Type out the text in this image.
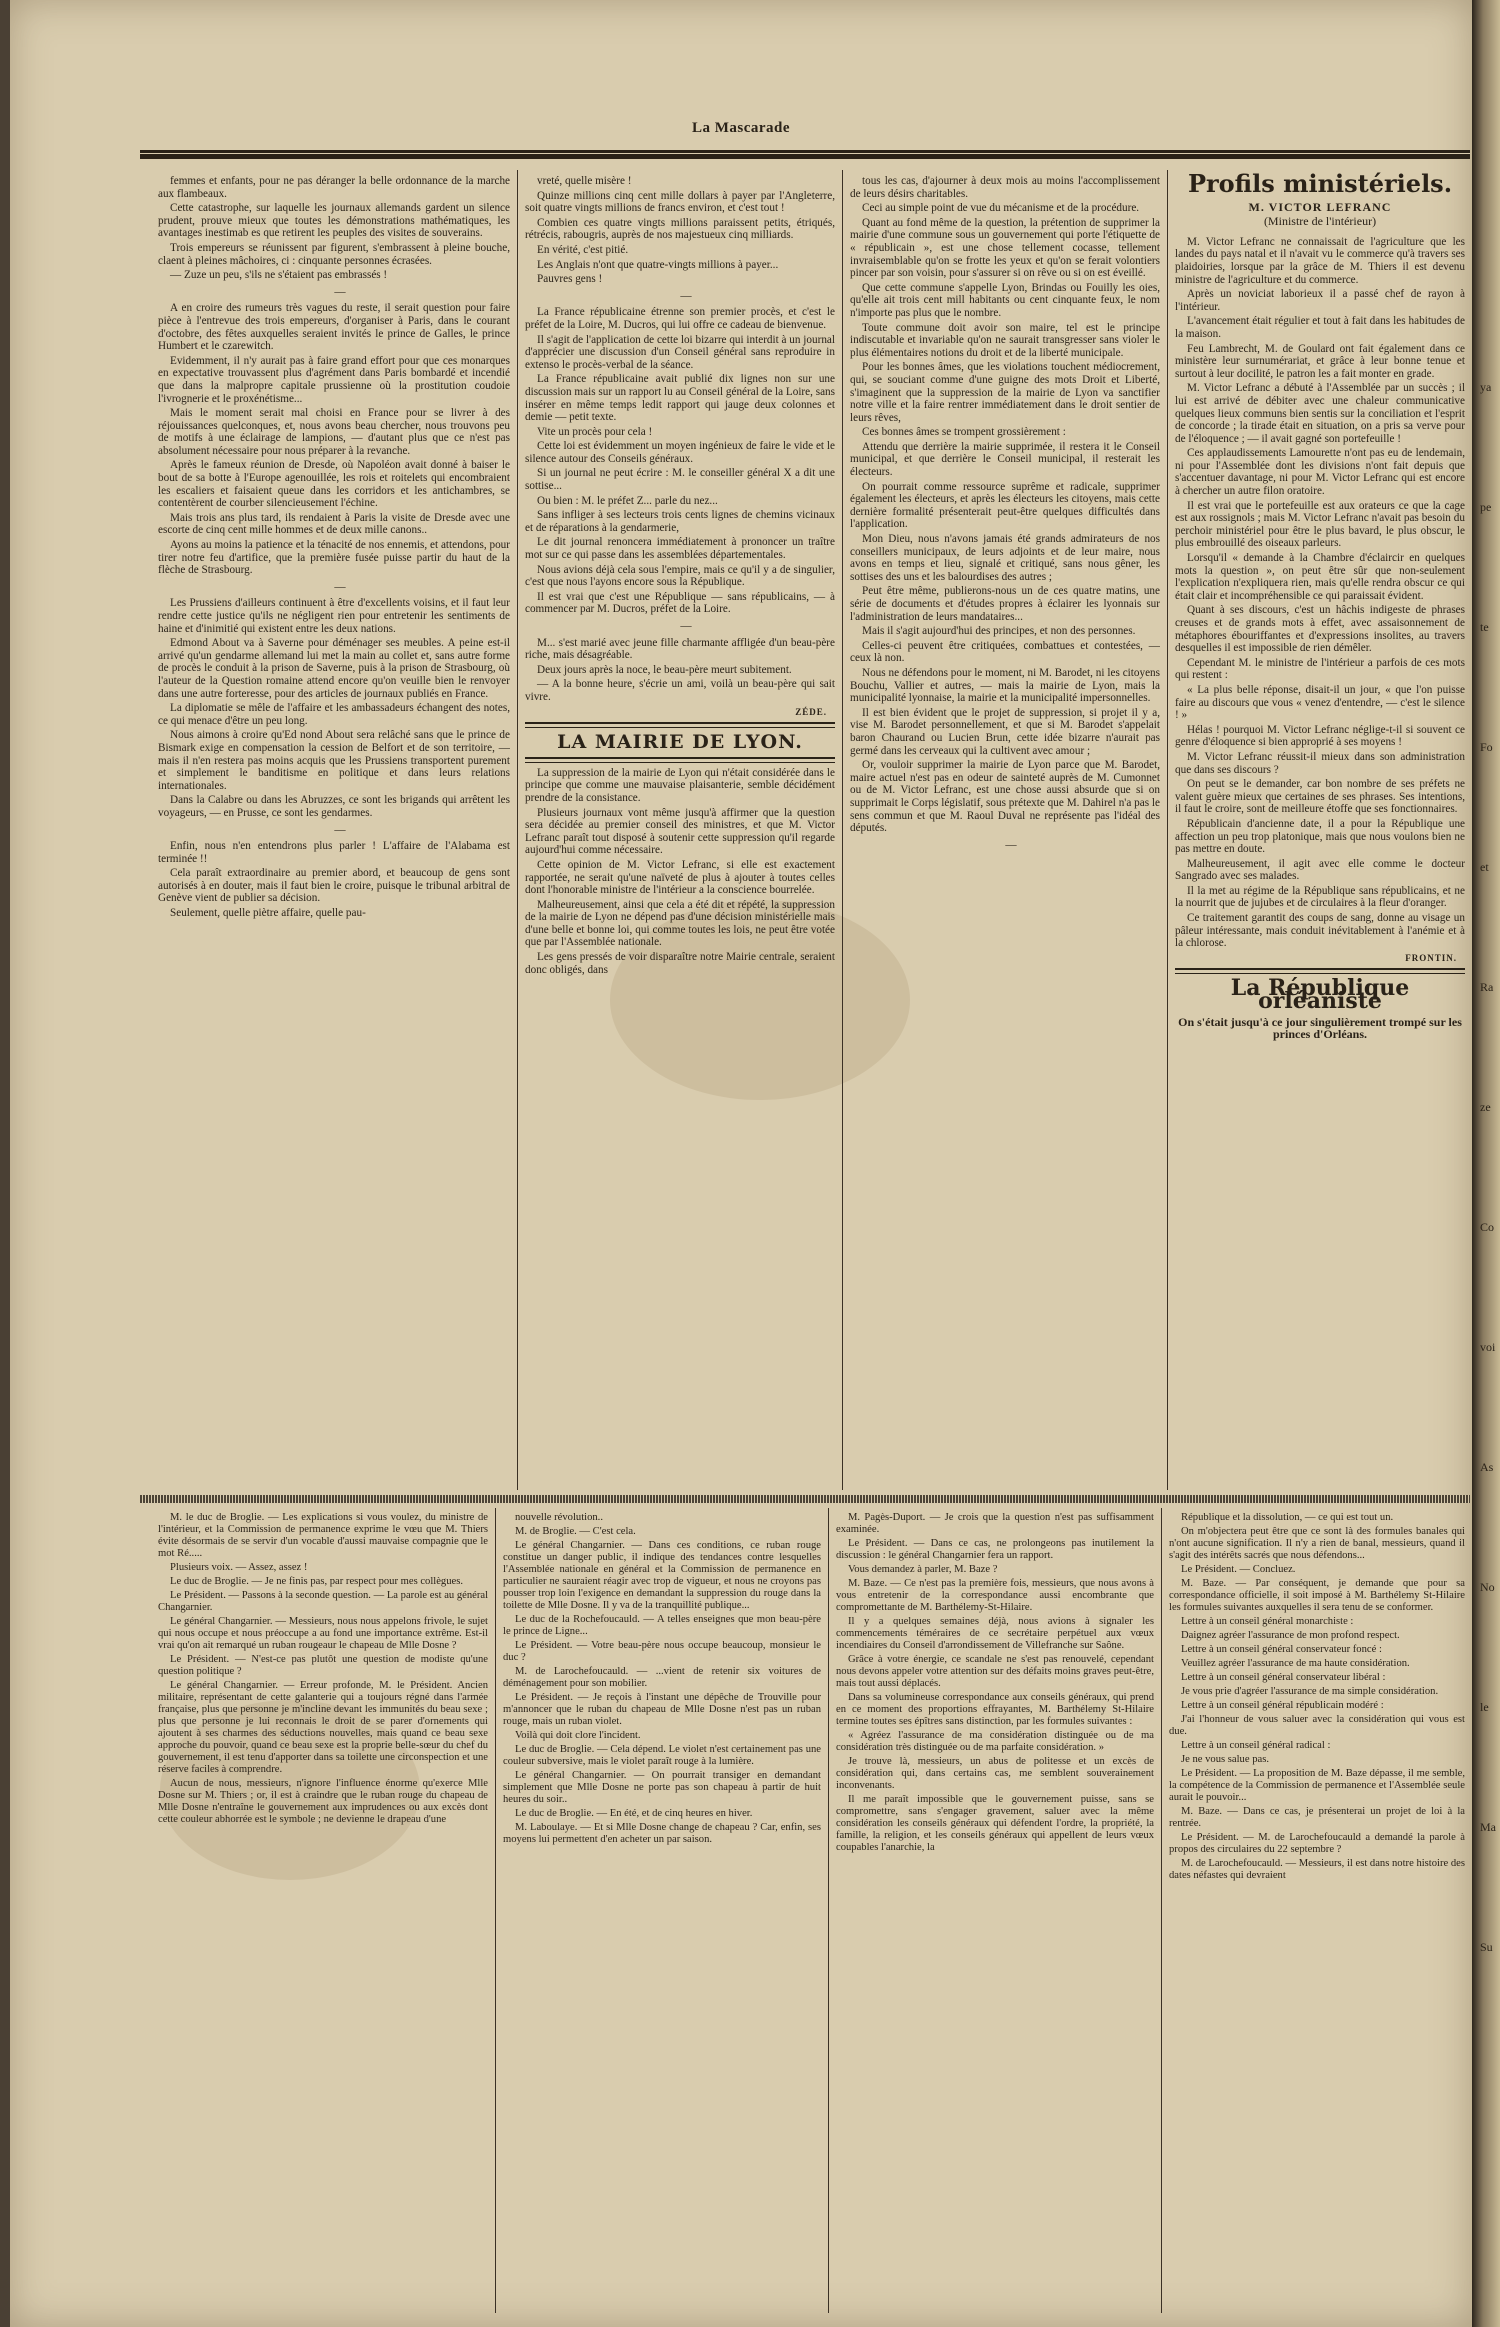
La Mascarade

femmes et enfants, pour ne pas déranger la belle ordonnance de la marche aux flambeaux.

Cette catastrophe, sur laquelle les journaux allemands gardent un silence prudent, prouve mieux que toutes les démonstrations mathématiques, les avantages inestimab es que retirent les peuples des visites de souverains.

Trois empereurs se réunissent par figurent, s'embrassent à pleine bouche, claent à pleines mâchoires, ci : cinquante personnes écrasées.

— Zuze un peu, s'ils ne s'étaient pas embrassés !

—

A en croire des rumeurs très vagues du reste, il serait question pour faire pièce à l'entrevue des trois empereurs, d'organiser à Paris, dans le courant d'octobre, des fêtes auxquelles seraient invités le prince de Galles, le prince Humbert et le czarewitch.

Evidemment, il n'y aurait pas à faire grand effort pour que ces monarques en expectative trouvassent plus d'agrément dans Paris bombardé et incendié que dans la malpropre capitale prussienne où la prostitution coudoie l'ivrognerie et le proxénétisme...

Mais le moment serait mal choisi en France pour se livrer à des réjouissances quelconques, et, nous avons beau chercher, nous trouvons peu de motifs à une éclairage de lampions, — d'autant plus que ce n'est pas absolument nécessaire pour nous préparer à la revanche.

Après le fameux réunion de Dresde, où Napoléon avait donné à baiser le bout de sa botte à l'Europe agenouillée, les rois et roitelets qui encombraient les escaliers et faisaient queue dans les corridors et les antichambres, se contentèrent de courber silencieusement l'échine.

Mais trois ans plus tard, ils rendaient à Paris la visite de Dresde avec une escorte de cinq cent mille hommes et de deux mille canons..

Ayons au moins la patience et la ténacité de nos ennemis, et attendons, pour tirer notre feu d'artifice, que la première fusée puisse partir du haut de la flèche de Strasbourg.

—

Les Prussiens d'ailleurs continuent à être d'excellents voisins, et il faut leur rendre cette justice qu'ils ne négligent rien pour entretenir les sentiments de haine et d'inimitié qui existent entre les deux nations.

Edmond About va à Saverne pour déménager ses meubles. A peine est-il arrivé qu'un gendarme allemand lui met la main au collet et, sans autre forme de procès le conduit à la prison de Saverne, puis à la prison de Strasbourg, où l'auteur de la Question romaine attend encore qu'on veuille bien le renvoyer dans une autre forteresse, pour des articles de journaux publiés en France.

La diplomatie se mêle de l'affaire et les ambassadeurs échangent des notes, ce qui menace d'être un peu long.

Nous aimons à croire qu'Ed nond About sera relâché sans que le prince de Bismark exige en compensation la cession de Belfort et de son territoire, — mais il n'en restera pas moins acquis que les Prussiens transportent purement et simplement le banditisme en politique et dans leurs relations internationales.

Dans la Calabre ou dans les Abruzzes, ce sont les brigands qui arrêtent les voyageurs, — en Prusse, ce sont les gendarmes.

—

Enfin, nous n'en entendrons plus parler ! L'affaire de l'Alabama est terminée !!

Cela paraît extraordinaire au premier abord, et beaucoup de gens sont autorisés à en douter, mais il faut bien le croire, puisque le tribunal arbitral de Genève vient de publier sa décision.

Seulement, quelle piètre affaire, quelle pau-

vreté, quelle misère !

Quinze millions cinq cent mille dollars à payer par l'Angleterre, soit quatre vingts millions de francs environ, et c'est tout !

Combien ces quatre vingts millions paraissent petits, étriqués, rétrécis, rabougris, auprès de nos majestueux cinq milliards.

En vérité, c'est pitié.

Les Anglais n'ont que quatre-vingts millions à payer...

Pauvres gens !

—

La France républicaine étrenne son premier procès, et c'est le préfet de la Loire, M. Ducros, qui lui offre ce cadeau de bienvenue.

Il s'agit de l'application de cette loi bizarre qui interdit à un journal d'apprécier une discussion d'un Conseil général sans reproduire in extenso le procès-verbal de la séance.

La France républicaine avait publié dix lignes non sur une discussion mais sur un rapport lu au Conseil général de la Loire, sans insérer en même temps ledit rapport qui jauge deux colonnes et demie — petit texte.

Vite un procès pour cela !

Cette loi est évidemment un moyen ingénieux de faire le vide et le silence autour des Conseils généraux.

Si un journal ne peut écrire : M. le conseiller général X a dit une sottise...

Ou bien : M. le préfet Z... parle du nez...

Sans infliger à ses lecteurs trois cents lignes de chemins vicinaux et de réparations à la gendarmerie,

Le dit journal renoncera immédiatement à prononcer un traître mot sur ce qui passe dans les assemblées départementales.

Nous avions déjà cela sous l'empire, mais ce qu'il y a de singulier, c'est que nous l'ayons encore sous la République.

Il est vrai que c'est une République — sans républicains, — à commencer par M. Ducros, préfet de la Loire.

—

M... s'est marié avec jeune fille charmante affligée d'un beau-père riche, mais désagréable.

Deux jours après la noce, le beau-père meurt subitement.

— A la bonne heure, s'écrie un ami, voilà un beau-père qui sait vivre.

ZÉDE.
LA MAIRIE DE LYON.

La suppression de la mairie de Lyon qui n'était considérée dans le principe que comme une mauvaise plaisanterie, semble décidément prendre de la consistance.

Plusieurs journaux vont même jusqu'à affirmer que la question sera décidée au premier conseil des ministres, et que M. Victor Lefranc paraît tout disposé à soutenir cette suppression qu'il regarde aujourd'hui comme nécessaire.

Cette opinion de M. Victor Lefranc, si elle est exactement rapportée, ne serait qu'une naïveté de plus à ajouter à toutes celles dont l'honorable ministre de l'intérieur a la conscience bourrelée.

Malheureusement, ainsi que cela a été dit et répété, la suppression de la mairie de Lyon ne dépend pas d'une décision ministérielle mais d'une belle et bonne loi, qui comme toutes les lois, ne peut être votée que par l'Assemblée nationale.

Les gens pressés de voir disparaître notre Mairie centrale, seraient donc obligés, dans

tous les cas, d'ajourner à deux mois au moins l'accomplissement de leurs désirs charitables.

Ceci au simple point de vue du mécanisme et de la procédure.

Quant au fond même de la question, la prétention de supprimer la mairie d'une commune sous un gouvernement qui porte l'étiquette de « républicain », est une chose tellement cocasse, tellement invraisemblable qu'on se frotte les yeux et qu'on se ferait volontiers pincer par son voisin, pour s'assurer si on rêve ou si on est éveillé.

Que cette commune s'appelle Lyon, Brindas ou Fouilly les oies, qu'elle ait trois cent mill habitants ou cent cinquante feux, le nom n'importe pas plus que le nombre.

Toute commune doit avoir son maire, tel est le principe indiscutable et invariable qu'on ne saurait transgresser sans violer le plus élémentaires notions du droit et de la liberté municipale.

Pour les bonnes âmes, que les violations touchent médiocrement, qui, se souciant comme d'une guigne des mots Droit et Liberté, s'imaginent que la suppression de la mairie de Lyon va sanctifier notre ville et la faire rentrer immédiatement dans le droit sentier de leurs rêves,

Ces bonnes âmes se trompent grossièrement :

Attendu que derrière la mairie supprimée, il restera it le Conseil municipal, et que derrière le Conseil municipal, il resterait les électeurs.

On pourrait comme ressource suprême et radicale, supprimer également les électeurs, et après les électeurs les citoyens, mais cette dernière formalité présenterait peut-être quelques difficultés dans l'application.

Mon Dieu, nous n'avons jamais été grands admirateurs de nos conseillers municipaux, de leurs adjoints et de leur maire, nous avons en temps et lieu, signalé et critiqué, sans nous gêner, les sottises des uns et les balourdises des autres ;

Peut être même, publierons-nous un de ces quatre matins, une série de documents et d'études propres à éclairer les lyonnais sur l'administration de leurs mandataires...

Mais il s'agit aujourd'hui des principes, et non des personnes.

Celles-ci peuvent être critiquées, combattues et contestées, — ceux là non.

Nous ne défendons pour le moment, ni M. Barodet, ni les citoyens Bouchu, Vallier et autres, — mais la mairie de Lyon, mais la municipalité lyonnaise, la mairie et la municipalité impersonnelles.

Il est bien évident que le projet de suppression, si projet il y a, vise M. Barodet personnellement, et que si M. Barodet s'appelait baron Chaurand ou Lucien Brun, cette idée bizarre n'aurait pas germé dans les cerveaux qui la cultivent avec amour ;

Or, vouloir supprimer la mairie de Lyon parce que M. Barodet, maire actuel n'est pas en odeur de sainteté auprès de M. Cumonnet ou de M. Victor Lefranc, est une chose aussi absurde que si on supprimait le Corps législatif, sous prétexte que M. Dahirel n'a pas le sens commun et que M. Raoul Duval ne représente pas l'idéal des députés.

—

Profils ministériels.
M. VICTOR LEFRANC
(Ministre de l'intérieur)

M. Victor Lefranc ne connaissait de l'agriculture que les landes du pays natal et il n'avait vu le commerce qu'à travers ses plaidoiries, lorsque par la grâce de M. Thiers il est devenu ministre de l'agriculture et du commerce.

Après un noviciat laborieux il a passé chef de rayon à l'intérieur.

L'avancement était régulier et tout à fait dans les habitudes de la maison.

Feu Lambrecht, M. de Goulard ont fait également dans ce ministère leur surnumérariat, et grâce à leur bonne tenue et surtout à leur docilité, le patron les a fait monter en grade.

M. Victor Lefranc a débuté à l'Assemblée par un succès ; il lui est arrivé de débiter avec une chaleur communicative quelques lieux communs bien sentis sur la conciliation et l'esprit de concorde ; la tirade était en situation, on a pris sa verve pour de l'éloquence ; — il avait gagné son portefeuille !

Ces applaudissements Lamourette n'ont pas eu de lendemain, ni pour l'Assemblée dont les divisions n'ont fait depuis que s'accentuer davantage, ni pour M. Victor Lefranc qui est encore à chercher un autre filon oratoire.

Il est vrai que le portefeuille est aux orateurs ce que la cage est aux rossignols ; mais M. Victor Lefranc n'avait pas besoin du perchoir ministériel pour être le plus bavard, le plus obscur, le plus embrouillé des oiseaux parleurs.

Lorsqu'il « demande à la Chambre d'éclaircir en quelques mots la question », on peut être sûr que non-seulement l'explication n'expliquera rien, mais qu'elle rendra obscur ce qui était clair et incompréhensible ce qui paraissait évident.

Quant à ses discours, c'est un hâchis indigeste de phrases creuses et de grands mots à effet, avec assaisonnement de métaphores ébouriffantes et d'expressions insolites, au travers desquelles il est impossible de rien démêler.

Cependant M. le ministre de l'intérieur a parfois de ces mots qui restent :

« La plus belle réponse, disait-il un jour, « que l'on puisse faire au discours que vous « venez d'entendre, — c'est le silence ! »

Hélas ! pourquoi M. Victor Lefranc néglige-t-il si souvent ce genre d'éloquence si bien approprié à ses moyens !

M. Victor Lefranc réussit-il mieux dans son administration que dans ses discours ?

On peut se le demander, car bon nombre de ses préfets ne valent guère mieux que certaines de ses phrases. Ses intentions, il faut le croire, sont de meilleure étoffe que ses fonctionnaires.

Républicain d'ancienne date, il a pour la République une affection un peu trop platonique, mais que nous voulons bien ne pas mettre en doute.

Malheureusement, il agit avec elle comme le docteur Sangrado avec ses malades.

Il la met au régime de la République sans républicains, et ne la nourrit que de jujubes et de circulaires à la fleur d'oranger.

Ce traitement garantit des coups de sang, donne au visage un pâleur intéressante, mais conduit inévitablement à l'anémie et à la chlorose.

FRONTIN.
La République orléaniste
On s'était jusqu'à ce jour singulièrement trompé sur les princes d'Orléans.

M. le duc de Broglie. — Les explications si vous voulez, du ministre de l'intérieur, et la Commission de permanence exprime le vœu que M. Thiers évite désormais de se servir d'un vocable d'aussi mauvaise compagnie que le mot Ré.....

Plusieurs voix. — Assez, assez !

Le duc de Broglie. — Je ne finis pas, par respect pour mes collègues.

Le Président. — Passons à la seconde question. — La parole est au général Changarnier.

Le général Changarnier. — Messieurs, nous nous appelons frivole, le sujet qui nous occupe et nous préoccupe a au fond une importance extrême. Est-il vrai qu'on ait remarqué un ruban rougeaur le chapeau de Mlle Dosne ?

Le Président. — N'est-ce pas plutôt une question de modiste qu'une question politique ?

Le général Changarnier. — Erreur profonde, M. le Président. Ancien militaire, représentant de cette galanterie qui a toujours régné dans l'armée française, plus que personne je m'incline devant les immunités du beau sexe ; plus que personne je lui reconnais le droit de se parer d'ornements qui ajoutent à ses charmes des séductions nouvelles, mais quand ce beau sexe approche du pouvoir, quand ce beau sexe est la proprie belle-sœur du chef du gouvernement, il est tenu d'apporter dans sa toilette une circonspection et une réserve faciles à comprendre.

Aucun de nous, messieurs, n'ignore l'influence énorme qu'exerce Mlle Dosne sur M. Thiers ; or, il est à craindre que le ruban rouge du chapeau de Mlle Dosne n'entraîne le gouvernement aux imprudences ou aux excès dont cette couleur abhorrée est le symbole ; ne devienne le drapeau d'une

nouvelle révolution..

M. de Broglie. — C'est cela.

Le général Changarnier. — Dans ces conditions, ce ruban rouge constitue un danger public, il indique des tendances contre lesquelles l'Assemblée nationale en général et la Commission de permanence en particulier ne sauraient réagir avec trop de vigueur, et nous ne croyons pas pousser trop loin l'exigence en demandant la suppression du rouge dans la toilette de Mlle Dosne. Il y va de la tranquillité publique...

Le duc de la Rochefoucauld. — A telles enseignes que mon beau-père le prince de Ligne...

Le Président. — Votre beau-père nous occupe beaucoup, monsieur le duc ?

M. de Larochefoucauld. — ...vient de retenir six voitures de déménagement pour son mobilier.

Le Président. — Je reçois à l'instant une dépêche de Trouville pour m'annoncer que le ruban du chapeau de Mlle Dosne n'est pas un ruban rouge, mais un ruban violet.

Voilà qui doit clore l'incident.

Le duc de Broglie. — Cela dépend. Le violet n'est certainement pas une couleur subversive, mais le violet paraît rouge à la lumière.

Le général Changarnier. — On pourrait transiger en demandant simplement que Mlle Dosne ne porte pas son chapeau à partir de huit heures du soir..

Le duc de Broglie. — En été, et de cinq heures en hiver.

M. Laboulaye. — Et si Mlle Dosne change de chapeau ? Car, enfin, ses moyens lui permettent d'en acheter un par saison.

M. Pagès-Duport. — Je crois que la question n'est pas suffisamment examinée.

Le Président. — Dans ce cas, ne prolongeons pas inutilement la discussion : le général Changarnier fera un rapport.

Vous demandez à parler, M. Baze ?

M. Baze. — Ce n'est pas la première fois, messieurs, que nous avons à vous entretenir de la correspondance aussi encombrante que compromettante de M. Barthélemy-St-Hilaire.

Il y a quelques semaines déjà, nous avions à signaler les commencements téméraires de ce secrétaire perpétuel aux vœux incendiaires du Conseil d'arrondissement de Villefranche sur Saône.

Grâce à votre énergie, ce scandale ne s'est pas renouvelé, cependant nous devons appeler votre attention sur des défaits moins graves peut-être, mais tout aussi déplacés.

Dans sa volumineuse correspondance aux conseils généraux, qui prend en ce moment des proportions effrayantes, M. Barthélemy St-Hilaire termine toutes ses épîtres sans distinction, par les formules suivantes :

« Agréez l'assurance de ma considération distinguée ou de ma considération très distinguée ou de ma parfaite considération. »

Je trouve là, messieurs, un abus de politesse et un excès de considération qui, dans certains cas, me semblent souverainement inconvenants.

Il me paraît impossible que le gouvernement puisse, sans se compromettre, sans s'engager gravement, saluer avec la même considération les conseils généraux qui défendent l'ordre, la propriété, la famille, la religion, et les conseils généraux qui appellent de leurs vœux coupables l'anarchie, la

République et la dissolution, — ce qui est tout un.

On m'objectera peut être que ce sont là des formules banales qui n'ont aucune signification. Il n'y a rien de banal, messieurs, quand il s'agit des intérêts sacrés que nous défendons...

Le Président. — Concluez.

M. Baze. — Par conséquent, je demande que pour sa correspondance officielle, il soit imposé à M. Barthélemy St-Hilaire les formules suivantes auxquelles il sera tenu de se conformer.

Lettre à un conseil général monarchiste :

Daignez agréer l'assurance de mon profond respect.

Lettre à un conseil général conservateur foncé :

Veuillez agréer l'assurance de ma haute considération.

Lettre à un conseil général conservateur libéral :

Je vous prie d'agréer l'assurance de ma simple considération.

Lettre à un conseil général républicain modéré :

J'ai l'honneur de vous saluer avec la considération qui vous est due.

Lettre à un conseil général radical :

Je ne vous salue pas.

Le Président. — La proposition de M. Baze dépasse, il me semble, la compétence de la Commission de permanence et l'Assemblée seule aurait le pouvoir...

M. Baze. — Dans ce cas, je présenterai un projet de loi à la rentrée.

Le Président. — M. de Larochefoucauld a demandé la parole à propos des circulaires du 22 septembre ?

M. de Larochefoucauld. — Messieurs, il est dans notre histoire des dates néfastes qui devraient

ya
pe
te
Fo
et
Ra
ze
Co
voi
As
No
le
Ma
Su
